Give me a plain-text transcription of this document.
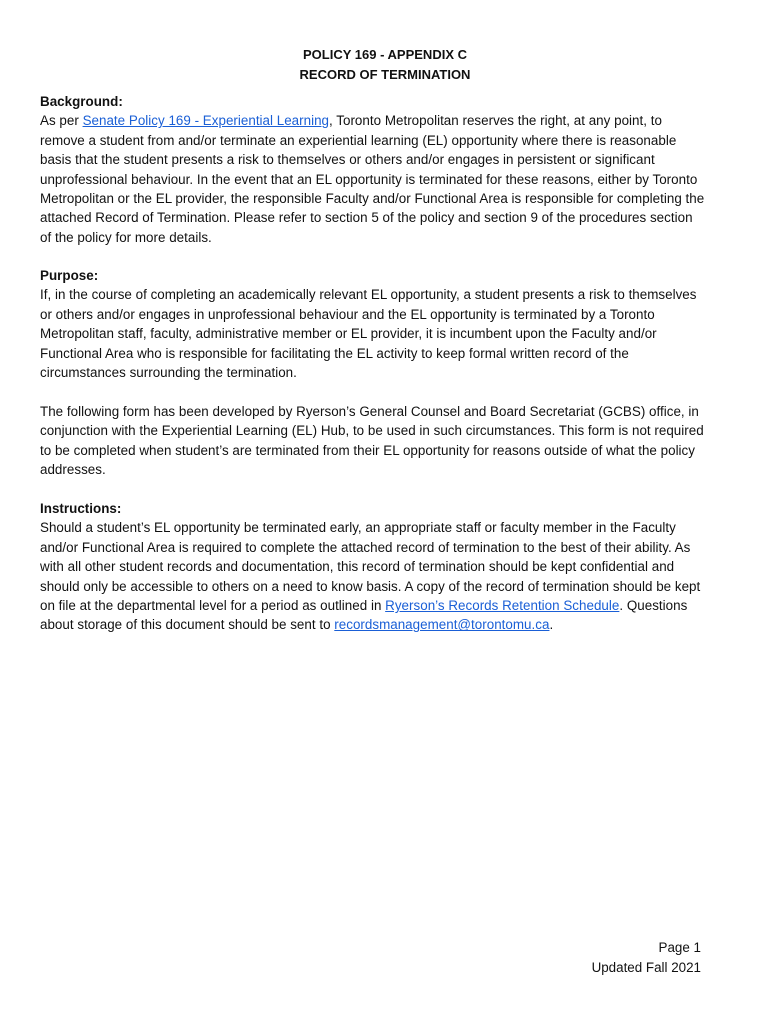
POLICY 169 - APPENDIX C
RECORD OF TERMINATION
Background:
As per Senate Policy 169 - Experiential Learning, Toronto Metropolitan reserves the right, at any point, to remove a student from and/or terminate an experiential learning (EL) opportunity where there is reasonable basis that the student presents a risk to themselves or others and/or engages in persistent or significant unprofessional behaviour. In the event that an EL opportunity is terminated for these reasons, either by Toronto Metropolitan or the EL provider, the responsible Faculty and/or Functional Area is responsible for completing the attached Record of Termination. Please refer to section 5 of the policy and section 9 of the procedures section of the policy for more details.
Purpose:
If, in the course of completing an academically relevant EL opportunity, a student presents a risk to themselves or others and/or engages in unprofessional behaviour and the EL opportunity is terminated by a Toronto Metropolitan staff, faculty, administrative member or EL provider, it is incumbent upon the Faculty and/or Functional Area who is responsible for facilitating the EL activity to keep formal written record of the circumstances surrounding the termination.
The following form has been developed by Ryerson’s General Counsel and Board Secretariat (GCBS) office, in conjunction with the Experiential Learning (EL) Hub, to be used in such circumstances. This form is not required to be completed when student’s are terminated from their EL opportunity for reasons outside of what the policy addresses.
Instructions:
Should a student’s EL opportunity be terminated early, an appropriate staff or faculty member in the Faculty and/or Functional Area is required to complete the attached record of termination to the best of their ability. As with all other student records and documentation, this record of termination should be kept confidential and should only be accessible to others on a need to know basis. A copy of the record of termination should be kept on file at the departmental level for a period as outlined in Ryerson’s Records Retention Schedule. Questions about storage of this document should be sent to recordsmanagement@torontomu.ca.
Page 1
Updated Fall 2021
